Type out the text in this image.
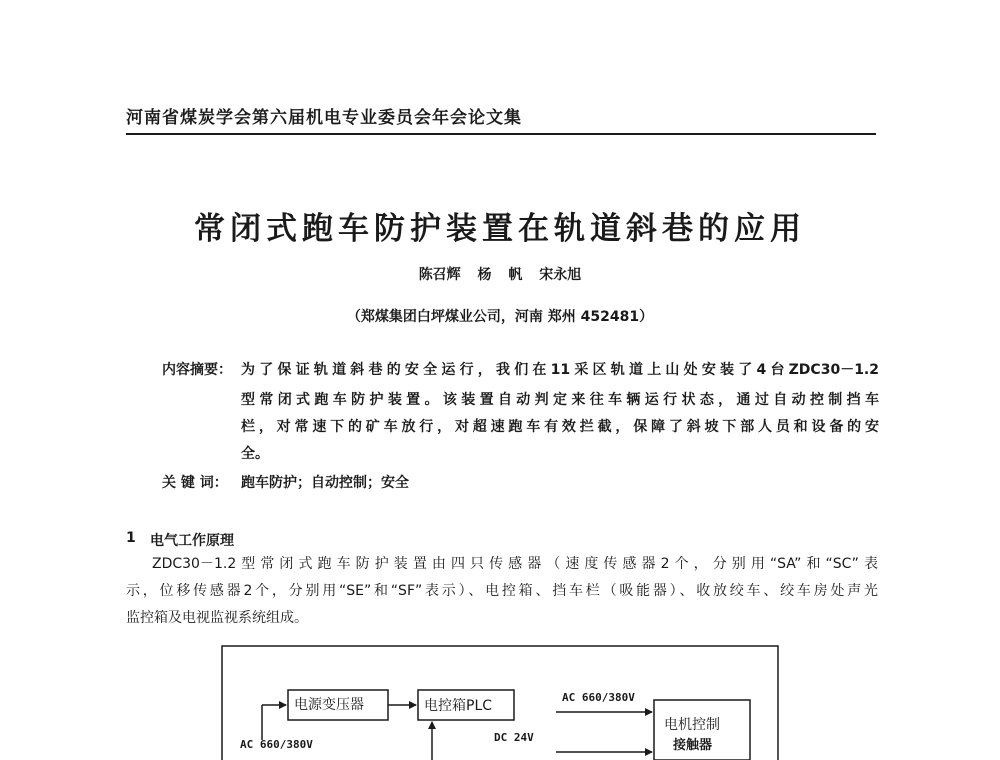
河南省煤炭学会第六届机电专业委员会年会论文集
常闭式跑车防护装置在轨道斜巷的应用
陈召辉 杨 帆 宋永旭
（郑煤集团白坪煤业公司，河南 郑州 452481）
内容摘要： 为了保证轨道斜巷的安全运行，我们在11采区轨道上山处安装了4台ZDC30－1.2
型常闭式跑车防护装置。该装置自动判定来往车辆运行状态，通过自动控制挡车
栏，对常速下的矿车放行，对超速跑车有效拦截，保障了斜坡下部人员和设备的安
全。
关 键 词： 跑车防护；自动控制；安全
1 电气工作原理
ZDC30－1.2型常闭式跑车防护装置由四只传感器（速度传感器2个，分别用“SA”和“SC”表
示，位移传感器2个，分别用“SE”和“SF”表示）、电控箱、挡车栏（吸能器）、收放绞车、绞车房处声光
监控箱及电视监视系统组成。
电源变压器	电控箱PLC
电机控制
接触器
AC 660/380V
AC 660/380V
DC 24V
